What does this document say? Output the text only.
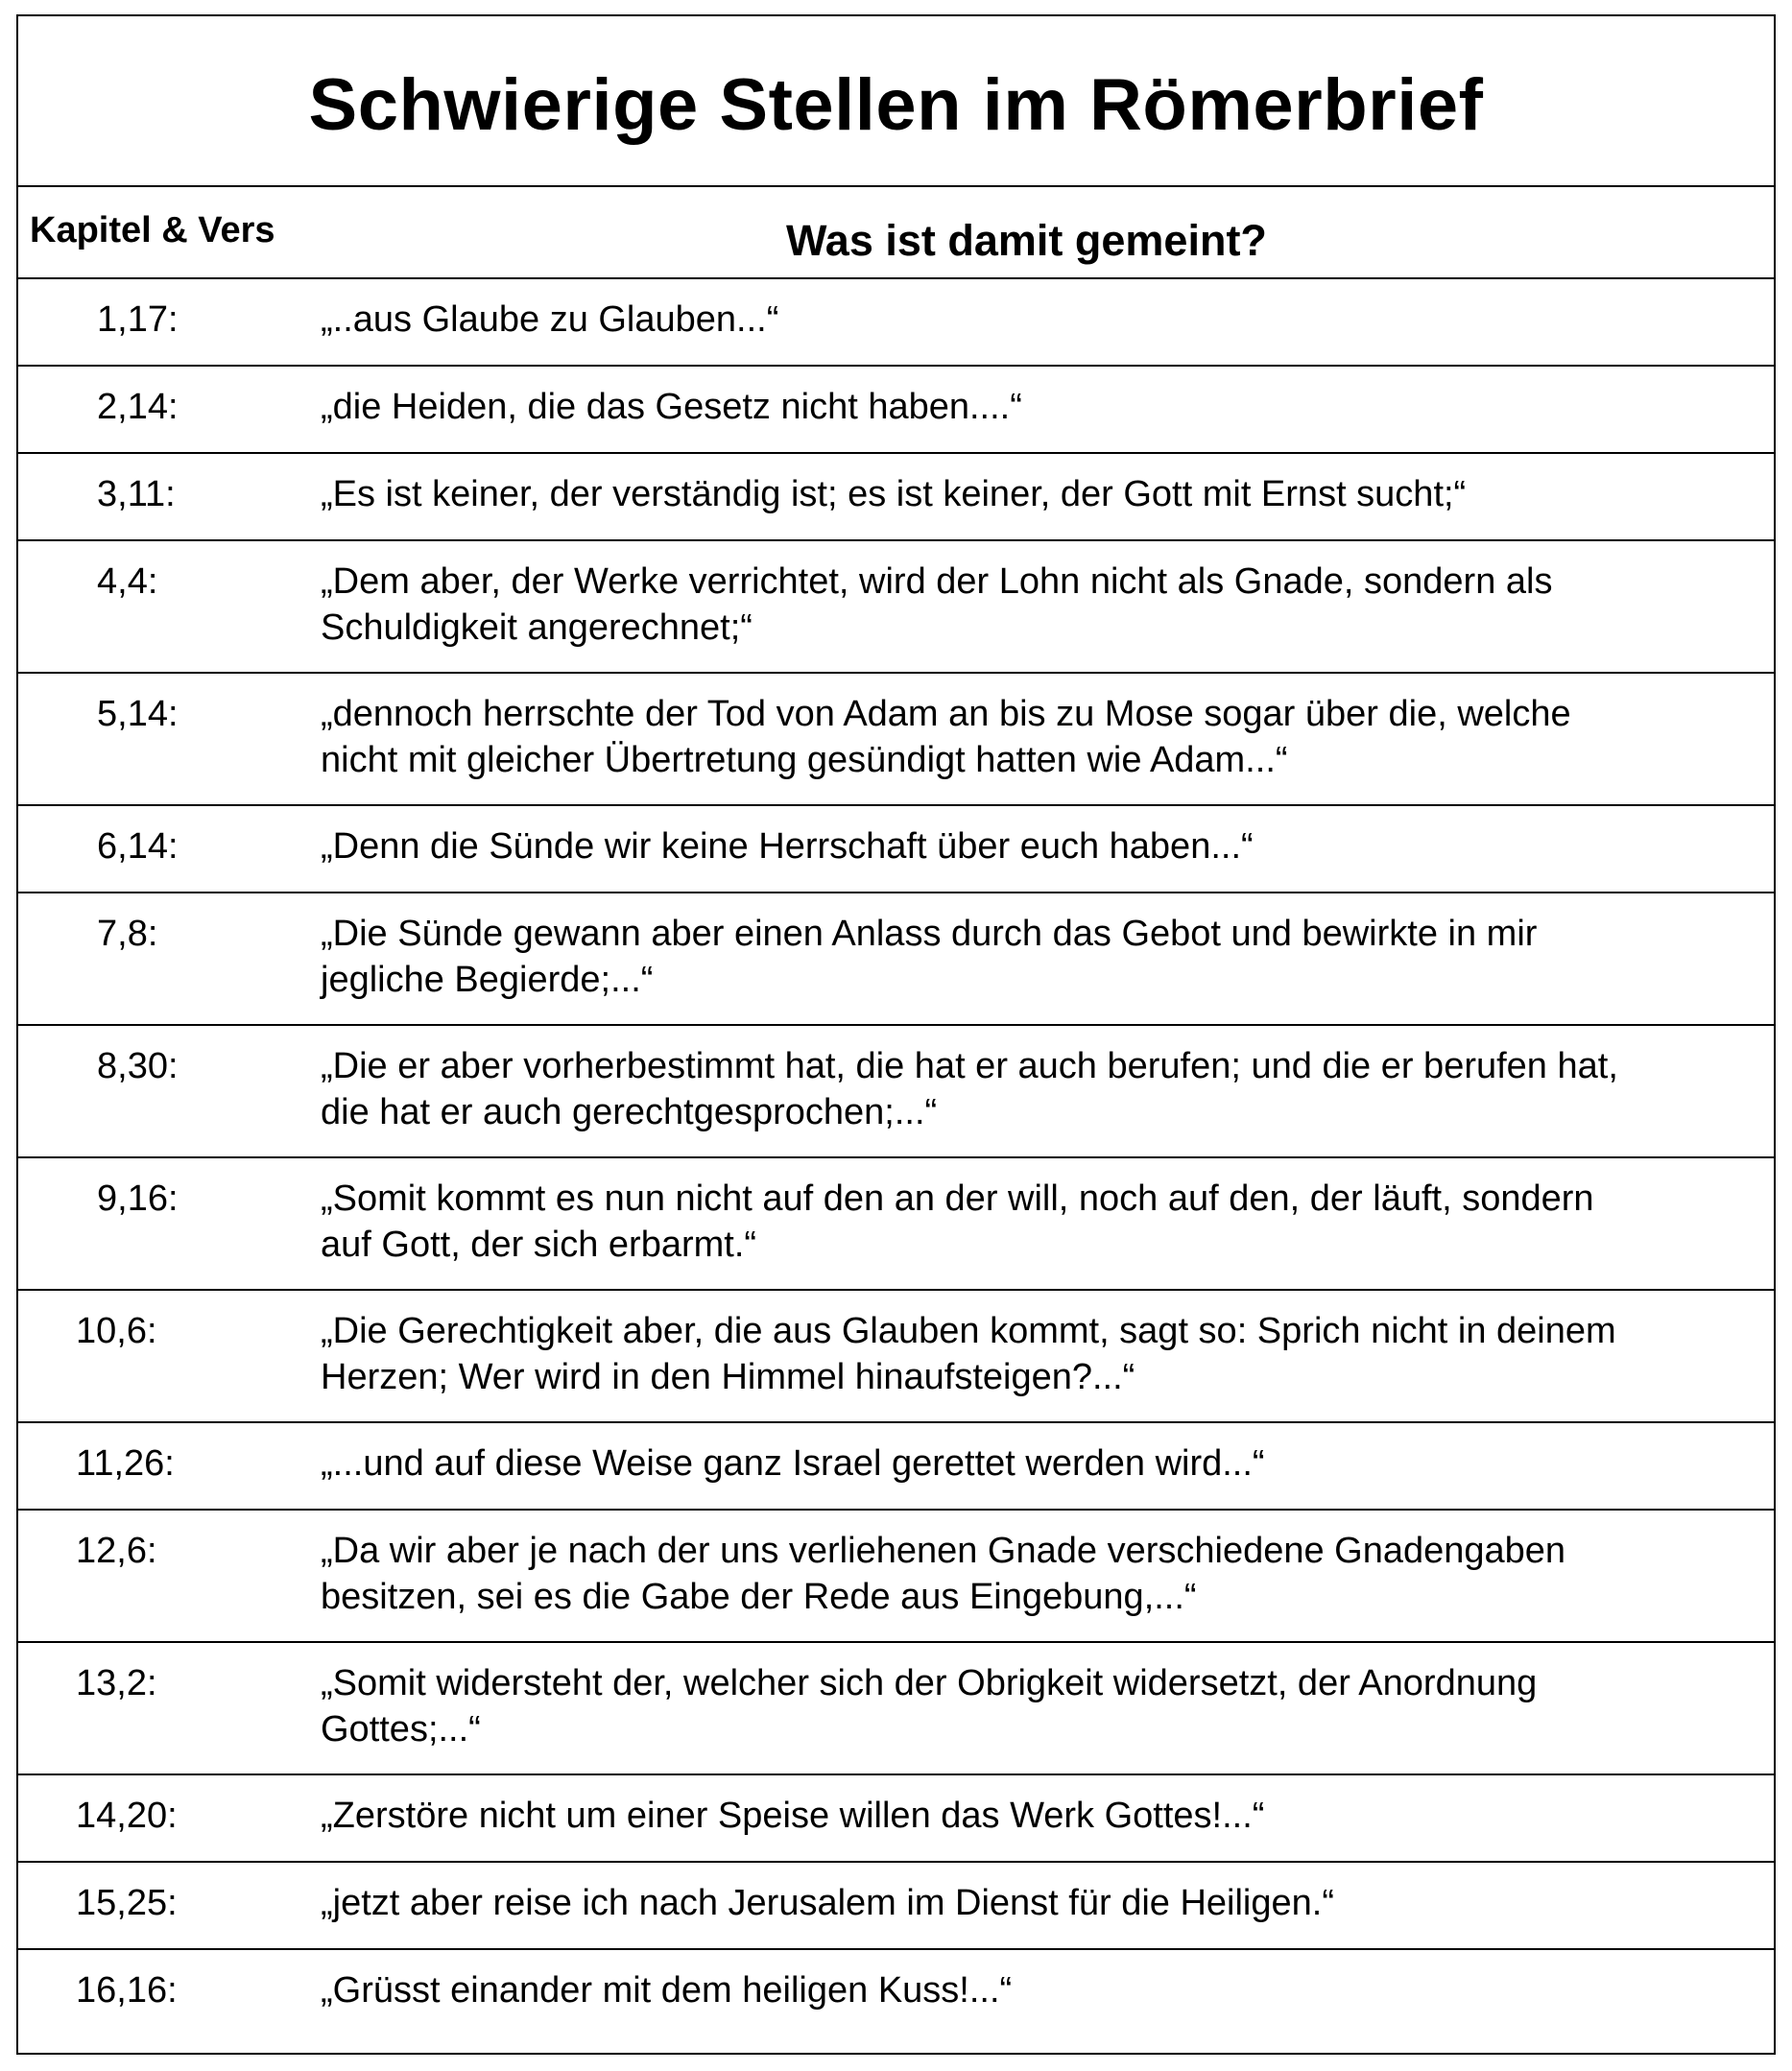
Schwierige Stellen im Römerbrief
Kapitel & Vers	Was ist damit gemeint?
1,17:	„..aus Glaube zu Glauben...“
2,14:	„die Heiden, die das Gesetz nicht haben....“
3,11:	„Es ist keiner, der verständig ist; es ist keiner, der Gott mit Ernst sucht;“
4,4:	„Dem aber, der Werke verrichtet, wird der Lohn nicht als Gnade, sondern als
Schuldigkeit angerechnet;“
5,14:	„dennoch herrschte der Tod von Adam an bis zu Mose sogar über die, welche
nicht mit gleicher Übertretung gesündigt hatten wie Adam...“
6,14:	„Denn die Sünde wir keine Herrschaft über euch haben...“
7,8:	„Die Sünde gewann aber einen Anlass durch das Gebot und bewirkte in mir
jegliche Begierde;...“
8,30:	„Die er aber vorherbestimmt hat, die hat er auch berufen; und die er berufen hat,
die hat er auch gerechtgesprochen;...“
9,16:	„Somit kommt es nun nicht auf den an der will, noch auf den, der läuft, sondern
auf Gott, der sich erbarmt.“
10,6:	„Die Gerechtigkeit aber, die aus Glauben kommt, sagt so: Sprich nicht in deinem
Herzen; Wer wird in den Himmel hinaufsteigen?...“
11,26:	„...und auf diese Weise ganz Israel gerettet werden wird...“
12,6:	„Da wir aber je nach der uns verliehenen Gnade verschiedene Gnadengaben
besitzen, sei es die Gabe der Rede aus Eingebung,...“
13,2:	„Somit widersteht der, welcher sich der Obrigkeit widersetzt, der Anordnung
Gottes;...“
14,20:	„Zerstöre nicht um einer Speise willen das Werk Gottes!...“
15,25:	„jetzt aber reise ich nach Jerusalem im Dienst für die Heiligen.“
16,16:	„Grüsst einander mit dem heiligen Kuss!...“
